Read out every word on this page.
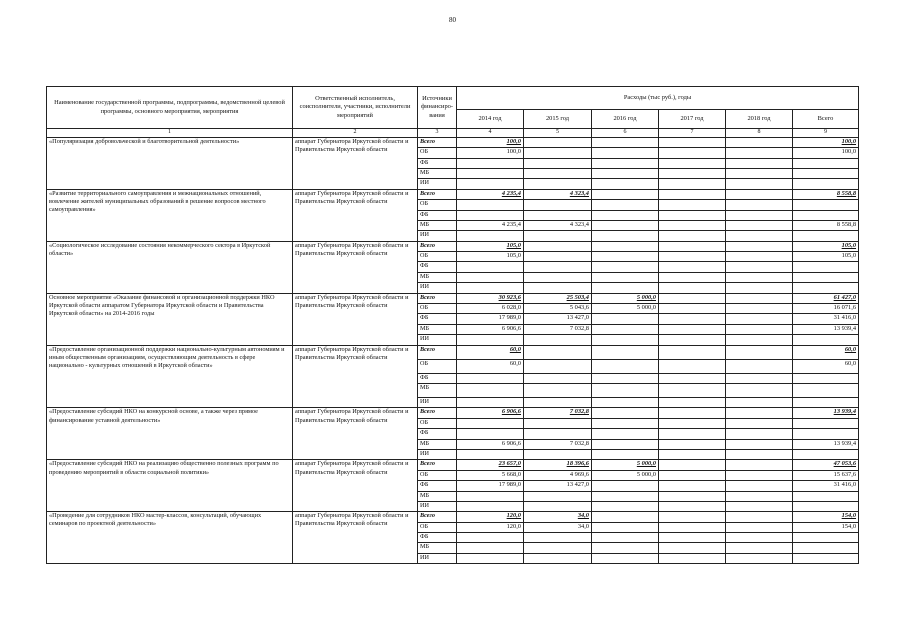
80
Наименование государственной программы, подпрограммы, ведомственной целевой программы, основного мероприятия, мероприятия	Ответственный исполнитель, соисполнители, участники, исполнители мероприятий	Источники финансиро-вания	Расходы (тыс руб.), годы					
			2014 год	2015 год	2016 год	2017 год	2018 год	Всего
1	2	3	4	5	6	7	8	9
«Популяризация добровольческой и благотворительной деятельности»	аппарат Губернатора Иркутской области и Правительства Иркутской области	Всего	100,0					100,0
		ОБ	100,0					100,0
		ФБ						
		МБ						
		ИИ						
«Развитие территориального самоуправления и межнациональных отношений, вовлечение жителей муниципальных образований в решение вопросов местного самоуправления»	аппарат Губернатора Иркутской области и Правительства Иркутской области	Всего	4 235,4	4 323,4				8 558,8
		ОБ						
		ФБ						
		МБ	4 235,4	4 323,4				8 558,8
		ИИ						
«Социологическое исследование состояния некоммерческого сектора в Иркутской области»	аппарат Губернатора Иркутской области и Правительства Иркутской области	Всего	105,0					105,0
		ОБ	105,0					105,0
		ФБ						
		МБ						
		ИИ						
Основное мероприятие «Оказание финансовой и организационной поддержки НКО Иркутской области аппаратом Губернатора Иркутской области и Правительства Иркутской области» на 2014-2016 годы	аппарат Губернатора Иркутской области и Правительства Иркутской области	Всего	30 923,6	25 503,4	5 000,0			61 427,0
		ОБ	6 028,0	5 043,6	5 000,0			16 071,6
		ФБ	17 989,0	13 427,0				31 416,0
		МБ	6 906,6	7 032,8				13 939,4
		ИИ						
«Предоставление организационной поддержки национально-культурным автономиям и иным общественным организациям, осуществляющим деятельность в сфере национально - культурных отношений в Иркутской области»	аппарат Губернатора Иркутской области и Правительства Иркутской области	Всего	60,0					60,0
		ОБ	60,0					60,0
		ФБ						
		МБ						
		ИИ						
«Предоставление субсидий НКО на конкурсной основе, а также через прямое финансирование уставной деятельности»	аппарат Губернатора Иркутской области и Правительства Иркутской области	Всего	6 906,6	7 032,8				13 939,4
		ОБ						
		ФБ						
		МБ	6 906,6	7 032,8				13 939,4
		ИИ						
«Предоставление субсидий НКО на реализацию общественно полезных программ по проведению мероприятий в области социальной политики»	аппарат Губернатора Иркутской области и Правительства Иркутской области	Всего	23 657,0	18 396,6	5 000,0			47 053,6
		ОБ	5 668,0	4 969,6	5 000,0			15 637,6
		ФБ	17 989,0	13 427,0				31 416,0
		МБ						
		ИИ						
«Проведение для сотрудников НКО мастер-классов, консультаций, обучающих семинаров по проектной деятельности»	аппарат Губернатора Иркутской области и Правительства Иркутской области	Всего	120,0	34,0				154,0
		ОБ	120,0	34,0				154,0
		ФБ						
		МБ						
		ИИ						
